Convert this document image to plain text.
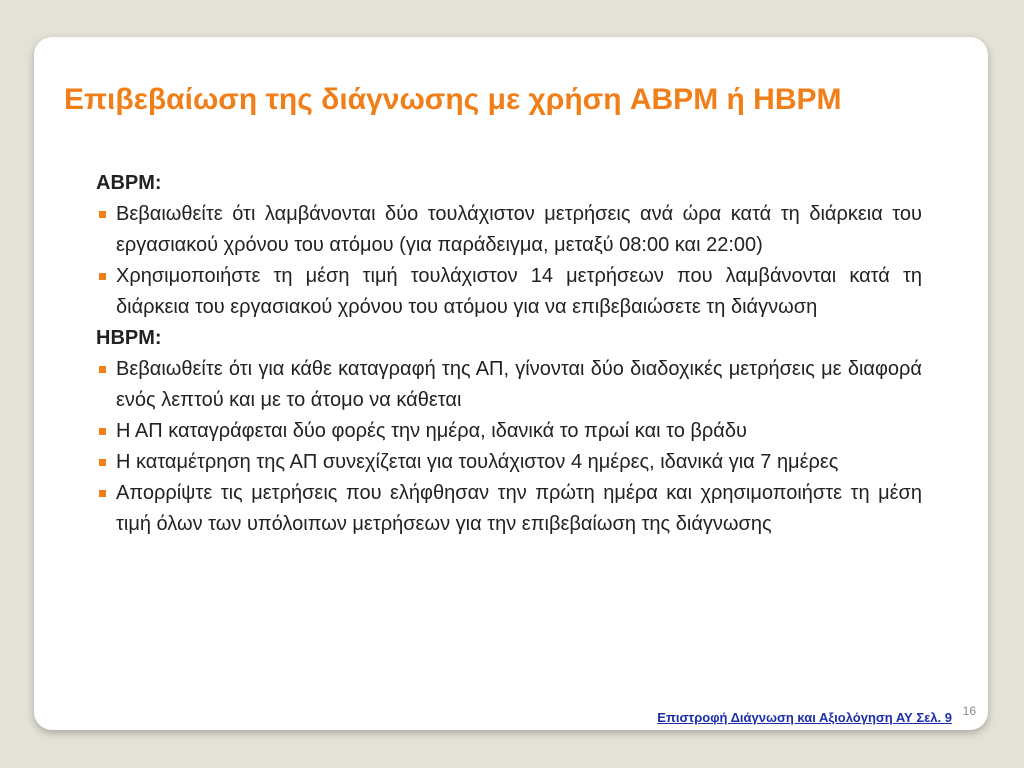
Επιβεβαίωση της διάγνωσης με χρήση ABPM ή HBPM
ABPM:
Βεβαιωθείτε ότι λαμβάνονται δύο τουλάχιστον μετρήσεις ανά ώρα κατά τη διάρκεια του εργασιακού χρόνου του ατόμου (για παράδειγμα, μεταξύ 08:00 και 22:00)
Χρησιμοποιήστε τη μέση τιμή τουλάχιστον 14 μετρήσεων που λαμβάνονται κατά τη διάρκεια του εργασιακού χρόνου του ατόμου για να επιβεβαιώσετε τη διάγνωση
HBPM:
Βεβαιωθείτε ότι για κάθε καταγραφή της ΑΠ, γίνονται δύο διαδοχικές μετρήσεις με διαφορά ενός λεπτού και με το άτομο να κάθεται
Η ΑΠ καταγράφεται δύο φορές την ημέρα, ιδανικά το πρωί και το βράδυ
Η καταμέτρηση της ΑΠ συνεχίζεται για τουλάχιστον 4 ημέρες, ιδανικά για 7 ημέρες
Απορρίψτε τις μετρήσεις που ελήφθησαν την πρώτη ημέρα και χρησιμοποιήστε τη μέση τιμή όλων των υπόλοιπων μετρήσεων για την επιβεβαίωση της διάγνωσης
Επιστροφή Διάγνωση και Αξιολόγηση ΑΥ Σελ. 9 16
